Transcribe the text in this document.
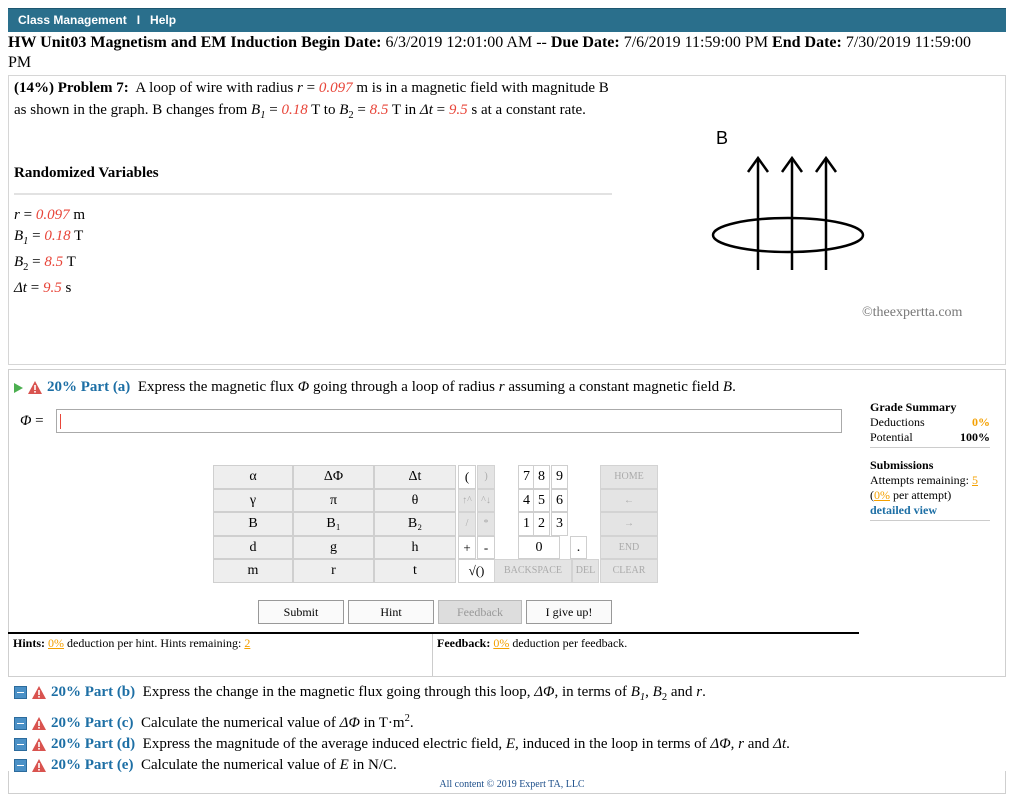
Class Management I Help
HW Unit03 Magnetism and EM Induction Begin Date: 6/3/2019 12:01:00 AM -- Due Date: 7/6/2019 11:59:00 PM End Date: 7/30/2019 11:59:00 PM
(14%) Problem 7:  A loop of wire with radius r = 0.097 m is in a magnetic field with magnitude B as shown in the graph. B changes from $B_1 = 0.18$ T to $B_2 = 8.5$ T in Δt = 9.5 s at a constant rate.
Randomized Variables
r = 0.097 m
$B_1 = 0.18$ T
$B_2 = 8.5$ T
Δt = 9.5 s
B
©theexpertta.com
20% Part (a)  Express the magnetic flux Φ going through a loop of radius r assuming a constant magnetic field B.
Φ =
α	ΔΦ	Δt
γ	π	θ
B	B₁	B₂
d	g	h
m	r	t
(	)
↑^ ^↓
/	*
+	-
√()
7 8 9
4 5 6
1 2 3
0	.
HOME
←
→
END
BACKSPACE	DEL	CLEAR
Submit	Hint	Feedback	I give up!
Hints: 0% deduction per hint. Hints remaining: 2	Feedback: 0% deduction per feedback.
Grade Summary
Deductions	0%
Potential	100%
Submissions
Attempts remaining: 5
(0% per attempt)
detailed view
20% Part (b)  Express the change in the magnetic flux going through this loop, ΔΦ, in terms of $B_1$, $B_2$ and r.
20% Part (c)  Calculate the numerical value of ΔΦ in $T\cdot m^2$.
20% Part (d)  Express the magnitude of the average induced electric field, E, induced in the loop in terms of ΔΦ, r and Δt.
20% Part (e)  Calculate the numerical value of E in N/C.
All content © 2019 Expert TA, LLC
